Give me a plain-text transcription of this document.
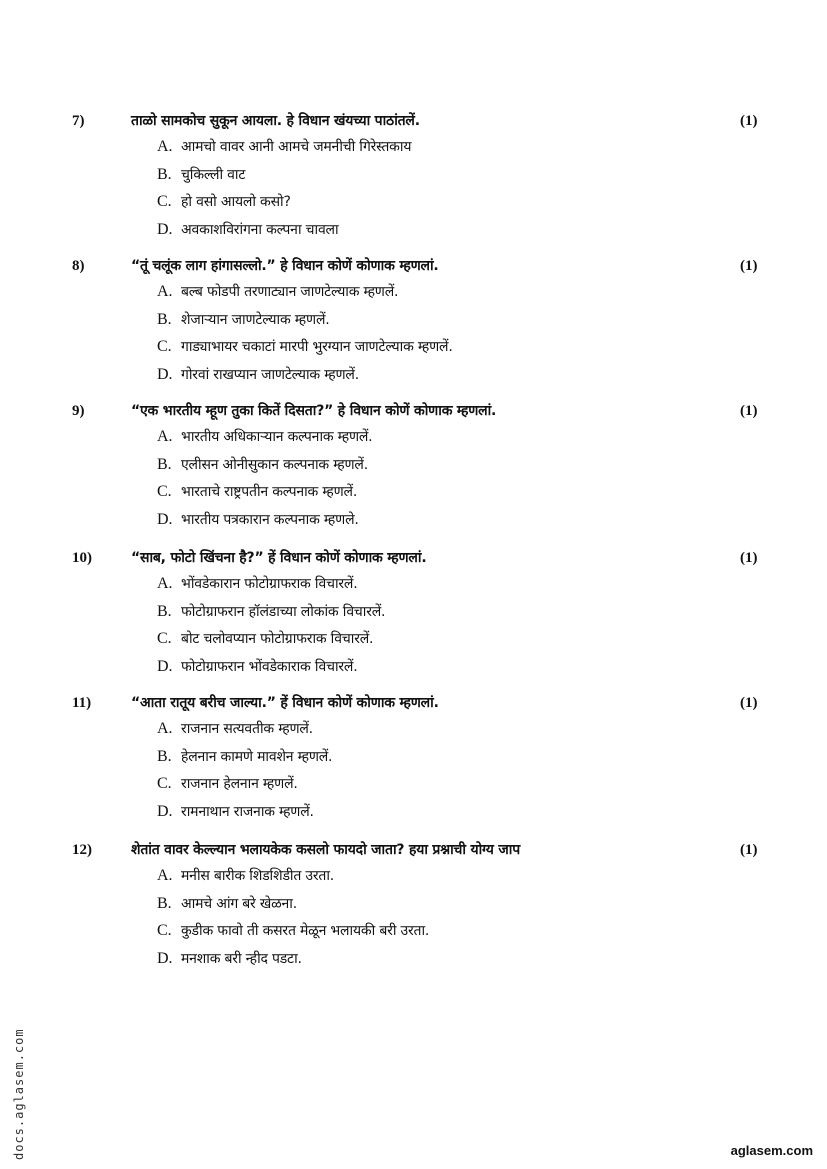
7)	ताळो सामकोच सुकून आयला. हे विधान खंयच्या पाठांतलें.	(1)
A. आमचो वावर आनी आमचे जमनीची गिरेस्तकाय
B. चुकिल्ली वाट
C. हो वसो आयलो कसो?
D. अवकाशविरांगना कल्पना चावला
8)	“तूं चलूंक लाग हांगासल्लो.” हे विधान कोणें कोणाक म्हणलां.	(1)
A. बल्ब फोडपी तरणाट्यान जाणटेल्याक म्हणलें.
B. शेजाऱ्यान जाणटेल्याक म्हणलें.
C. गाड्याभायर चकाटां मारपी भुरग्यान जाणटेल्याक म्हणलें.
D. गोरवां राखप्यान जाणटेल्याक म्हणलें.
9)	“एक भारतीय म्हूण तुका कितें दिसता?” हे विधान कोणें कोणाक म्हणलां.	(1)
A. भारतीय अधिकाऱ्यान कल्पनाक म्हणलें.
B. एलीसन ओनीसुकान कल्पनाक म्हणलें.
C. भारताचे राष्ट्रपतीन कल्पनाक म्हणलें.
D. भारतीय पत्रकारान कल्पनाक म्हणले.
10)	“साब, फोटो खिंचना है?” हें विधान कोणें कोणाक म्हणलां.	(1)
A. भोंवडेकारान फोटोग्राफराक विचारलें.
B. फोटोग्राफरान हॉलंडाच्या लोकांक विचारलें.
C. बोट चलोवप्यान फोटोग्राफराक विचारलें.
D. फोटोग्राफरान भोंवडेकाराक विचारलें.
11)	“आता रातूय बरीच जाल्या.” हें विधान कोणें कोणाक म्हणलां.	(1)
A. राजनान सत्यवतीक म्हणलें.
B. हेलनान कामणे मावशेन म्हणलें.
C. राजनान हेलनान म्हणलें.
D. रामनाथान राजनाक म्हणलें.
12)	शेतांत वावर केल्ल्यान भलायकेक कसलो फायदो जाता? हया प्रश्नाची योग्य जाप	(1)
A. मनीस बारीक शिडशिडीत उरता.
B. आमचे आंग बरे खेळना.
C. कुडीक फावो ती कसरत मेळून भलायकी बरी उरता.
D. मनशाक बरी न्हीद पडटा.
docs.aglasem.com	aglasem.com
